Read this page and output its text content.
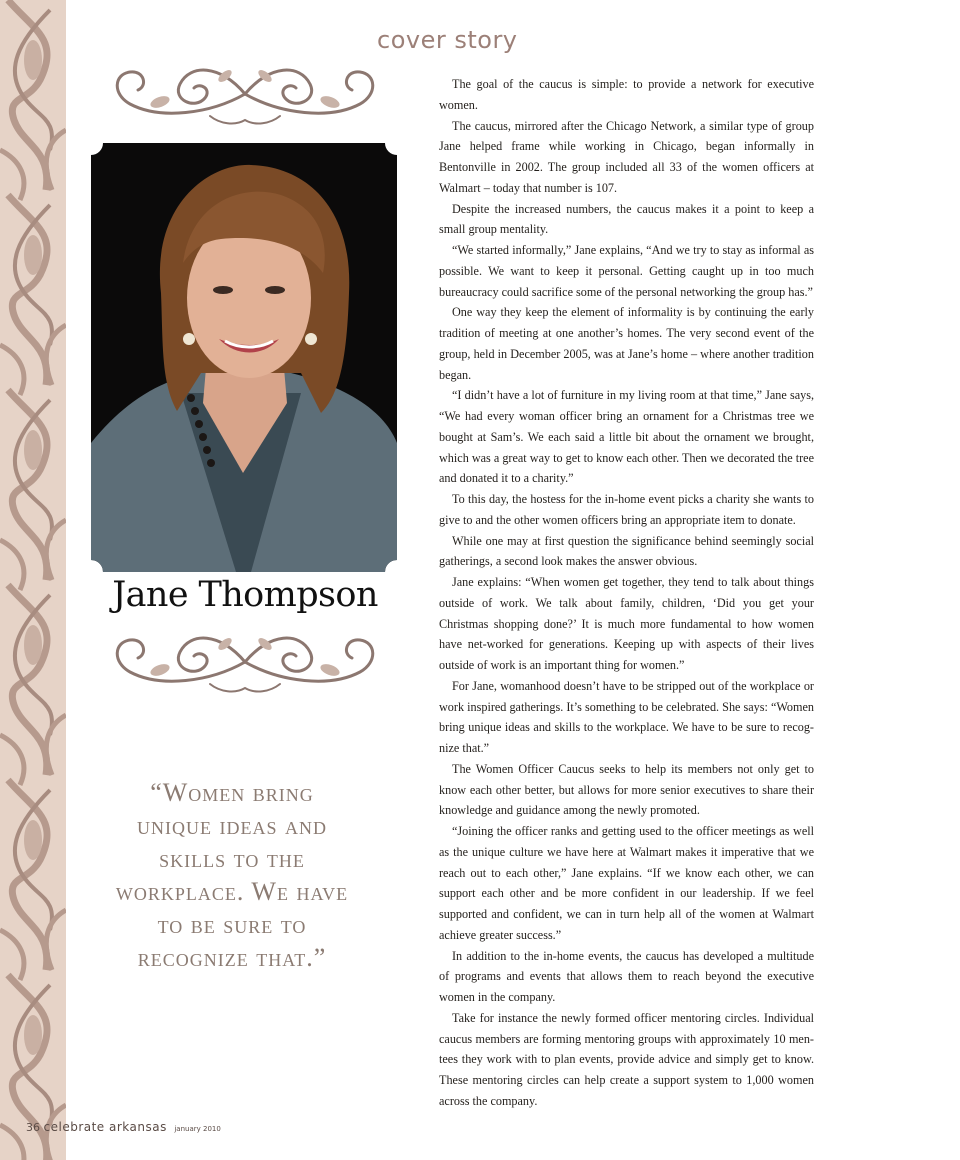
cover story
Jane Thompson
“Women bring unique ideas and skills to the workplace. We have to be sure to recognize that.”

The goal of the caucus is simple: to provide a network for executive women.

The caucus, mirrored after the Chicago Network, a similar type of group Jane helped frame while working in Chicago, began informally in Bentonville in 2002. The group included all 33 of the women officers at Walmart – today that number is 107.

Despite the increased numbers, the caucus makes it a point to keep a small group mentality.

“We started informally,” Jane explains, “And we try to stay as informal as possible. We want to keep it personal. Getting caught up in too much bureaucracy could sacrifice some of the personal networking the group has.”

One way they keep the element of informality is by continuing the early tradition of meeting at one another’s homes. The very second event of the group, held in December 2005, was at Jane’s home – where another tradition began.

“I didn’t have a lot of furniture in my living room at that time,” Jane says, “We had every woman officer bring an ornament for a Christmas tree we bought at Sam’s. We each said a little bit about the ornament we brought, which was a great way to get to know each other. Then we decorated the tree and donated it to a charity.”

To this day, the hostess for the in-home event picks a charity she wants to give to and the other women officers bring an appropriate item to donate.

While one may at first question the significance behind seemingly social gatherings, a second look makes the answer obvious.

Jane explains: “When women get together, they tend to talk about things outside of work. We talk about family, children, ‘Did you get your Christmas shopping done?’ It is much more fundamental to how women have net-worked for generations. Keeping up with aspects of their lives outside of work is an important thing for women.”

For Jane, womanhood doesn’t have to be stripped out of the workplace or work inspired gatherings. It’s something to be celebrated. She says: “Women bring unique ideas and skills to the workplace. We have to be sure to recog-nize that.”

The Women Officer Caucus seeks to help its members not only get to know each other better, but allows for more senior executives to share their knowledge and guidance among the newly promoted.

“Joining the officer ranks and getting used to the officer meetings as well as the unique culture we have here at Walmart makes it imperative that we reach out to each other,” Jane explains. “If we know each other, we can support each other and be more confident in our leadership. If we feel supported and confident, we can in turn help all of the women at Walmart achieve greater success.”

In addition to the in-home events, the caucus has developed a multitude of programs and events that allows them to reach beyond the executive women in the company.

Take for instance the newly formed officer mentoring circles. Individual caucus members are forming mentoring groups with approximately 10 men-tees they work with to plan events, provide advice and simply get to know. These mentoring circles can help create a support system to 1,000 women across the company.

36 celebrate arkansas january 2010
